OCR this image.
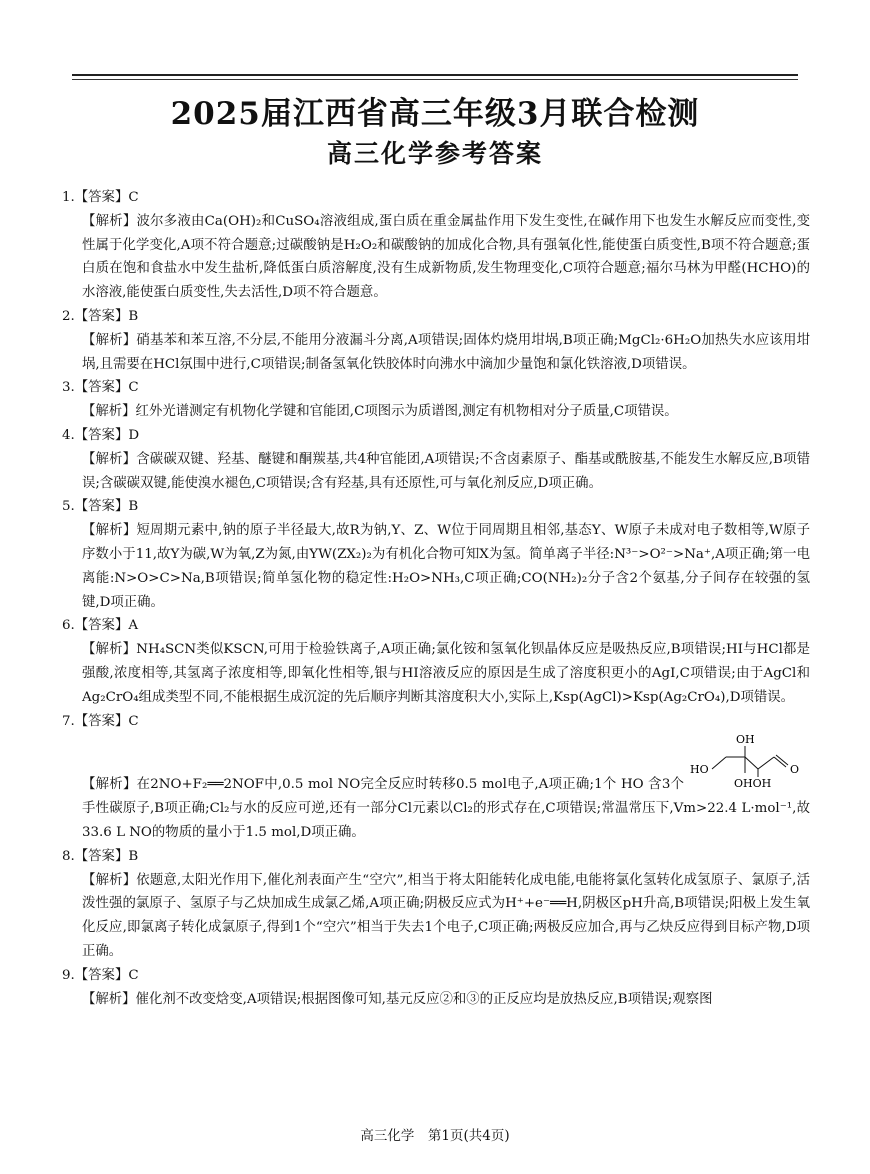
2025届江西省高三年级3月联合检测
高三化学参考答案

1.【答案】C

【解析】波尔多液由Ca(OH)₂和CuSO₄溶液组成,蛋白质在重金属盐作用下发生变性,在碱作用下也发生水解反应而变性,变性属于化学变化,A项不符合题意;过碳酸钠是H₂O₂和碳酸钠的加成化合物,具有强氧化性,能使蛋白质变性,B项不符合题意;蛋白质在饱和食盐水中发生盐析,降低蛋白质溶解度,没有生成新物质,发生物理变化,C项符合题意;福尔马林为甲醛(HCHO)的水溶液,能使蛋白质变性,失去活性,D项不符合题意。

2.【答案】B

【解析】硝基苯和苯互溶,不分层,不能用分液漏斗分离,A项错误;固体灼烧用坩埚,B项正确;MgCl₂·6H₂O加热失水应该用坩埚,且需要在HCl氛围中进行,C项错误;制备氢氧化铁胶体时向沸水中滴加少量饱和氯化铁溶液,D项错误。

3.【答案】C

【解析】红外光谱测定有机物化学键和官能团,C项图示为质谱图,测定有机物相对分子质量,C项错误。

4.【答案】D

【解析】含碳碳双键、羟基、醚键和酮羰基,共4种官能团,A项错误;不含卤素原子、酯基或酰胺基,不能发生水解反应,B项错误;含碳碳双键,能使溴水褪色,C项错误;含有羟基,具有还原性,可与氧化剂反应,D项正确。

5.【答案】B

【解析】短周期元素中,钠的原子半径最大,故R为钠,Y、Z、W位于同周期且相邻,基态Y、W原子未成对电子数相等,W原子序数小于11,故Y为碳,W为氧,Z为氮,由YW(ZX₂)₂为有机化合物可知X为氢。简单离子半径:N³⁻>O²⁻>Na⁺,A项正确;第一电离能:N>O>C>Na,B项错误;简单氢化物的稳定性:H₂O>NH₃,C项正确;CO(NH₂)₂分子含2个氨基,分子间存在较强的氢键,D项正确。

6.【答案】A

【解析】NH₄SCN类似KSCN,可用于检验铁离子,A项正确;氯化铵和氢氧化钡晶体反应是吸热反应,B项错误;HI与HCl都是强酸,浓度相等,其氢离子浓度相等,即氧化性相等,银与HI溶液反应的原因是生成了溶度积更小的AgI,C项错误;由于AgCl和Ag₂CrO₄组成类型不同,不能根据生成沉淀的先后顺序判断其溶度积大小,实际上,Ksp(AgCl)>Ksp(Ag₂CrO₄),D项错误。

7.【答案】C

OH
HO	O
OHOH
【解析】在2NO+F₂══2NOF中,0.5 mol NO完全反应时转移0.5 mol电子,A项正确;1个 HO 含3个手性碳原子,B项正确;Cl₂与水的反应可逆,还有一部分Cl元素以Cl₂的形式存在,C项错误;常温常压下,Vm>22.4 L·mol⁻¹,故33.6 L NO的物质的量小于1.5 mol,D项正确。

8.【答案】B

【解析】依题意,太阳光作用下,催化剂表面产生“空穴”,相当于将太阳能转化成电能,电能将氯化氢转化成氢原子、氯原子,活泼性强的氯原子、氢原子与乙炔加成生成氯乙烯,A项正确;阴极反应式为H⁺+e⁻══H,阴极区pH升高,B项错误;阳极上发生氧化反应,即氯离子转化成氯原子,得到1个“空穴”相当于失去1个电子,C项正确;两极反应加合,再与乙炔反应得到目标产物,D项正确。

9.【答案】C

【解析】催化剂不改变焓变,A项错误;根据图像可知,基元反应②和③的正反应均是放热反应,B项错误;观察图

高三化学　第1页(共4页)
